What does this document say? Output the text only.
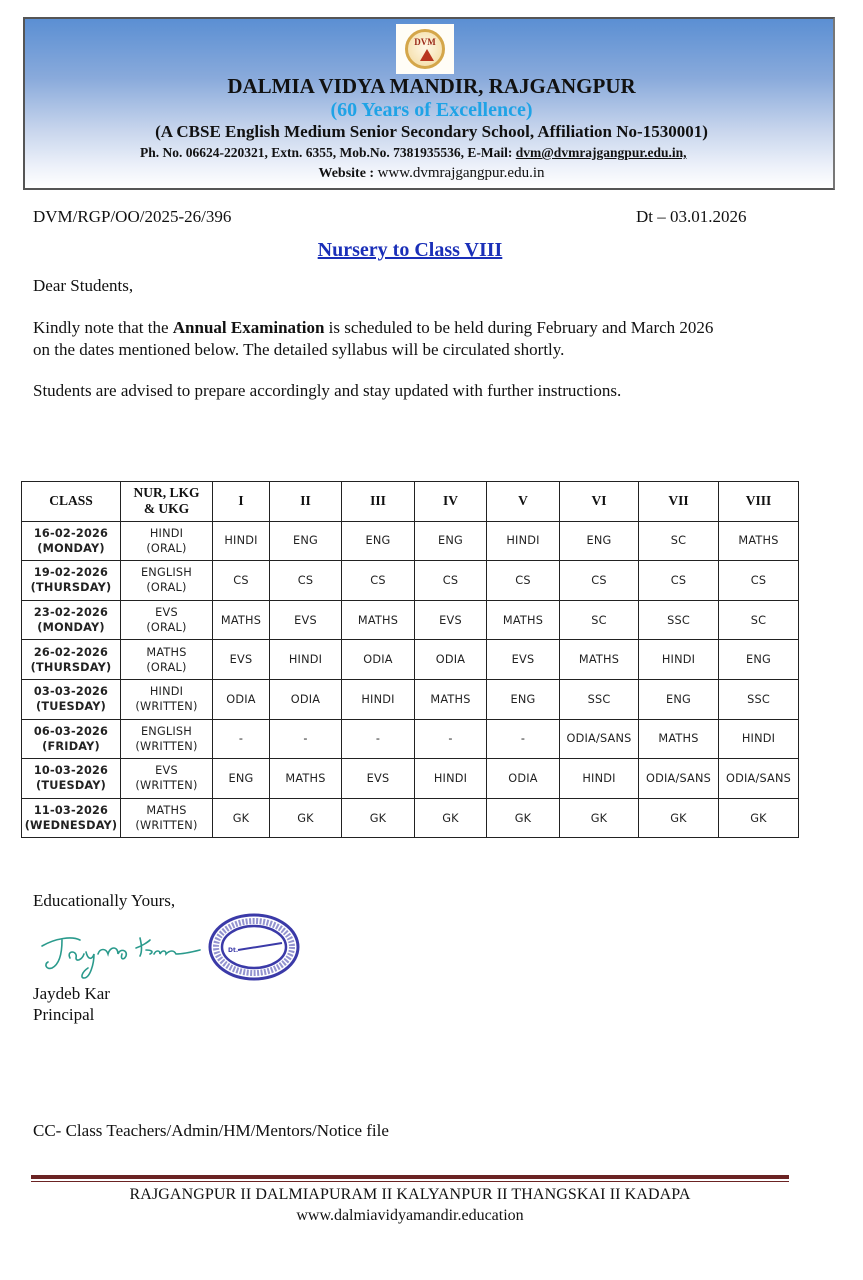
DVM
DALMIA VIDYA MANDIR, RAJGANGPUR
(60 Years of Excellence)
(A CBSE English Medium Senior Secondary School, Affiliation No-1530001)
Ph. No. 06624-220321, Extn. 6355, Mob.No. 7381935536, E-Mail: dvm@dvmrajgangpur.edu.in,
Website : www.dvmrajgangpur.edu.in
DVM/RGP/OO/2025-26/396	Dt – 03.01.2026
Nursery to Class VIII
Dear Students,
Kindly note that the Annual Examination is scheduled to be held during February and March 2026
on the dates mentioned below. The detailed syllabus will be circulated shortly.
Students are advised to prepare accordingly and stay updated with further instructions.
CLASS	NUR, LKG
& UKG	I	II	III	IV	V	VI	VII	VIII

16-02-2026
(MONDAY)	HINDI
(ORAL)	HINDI	ENG	ENG	ENG	HINDI	ENG	SC	MATHS

19-02-2026
(THURSDAY)	ENGLISH
(ORAL)	CS	CS	CS	CS	CS	CS	CS	CS

23-02-2026
(MONDAY)	EVS
(ORAL)	MATHS	EVS	MATHS	EVS	MATHS	SC	SSC	SC

26-02-2026
(THURSDAY)	MATHS
(ORAL)	EVS	HINDI	ODIA	ODIA	EVS	MATHS	HINDI	ENG

03-03-2026
(TUESDAY)	HINDI
(WRITTEN)	ODIA	ODIA	HINDI	MATHS	ENG	SSC	ENG	SSC

06-03-2026
(FRIDAY)	ENGLISH
(WRITTEN)	-	-	-	-	-	ODIA/SANS	MATHS	HINDI

10-03-2026
(TUESDAY)	EVS
(WRITTEN)	ENG	MATHS	EVS	HINDI	ODIA	HINDI	ODIA/SANS	ODIA/SANS

11-03-2026
(WEDNESDAY)	MATHS
(WRITTEN)	GK	GK	GK	GK	GK	GK	GK	GK
Educationally Yours,
Dt.
Jaydeb Kar
Principal
CC- Class Teachers/Admin/HM/Mentors/Notice file
RAJGANGPUR II DALMIAPURAM II KALYANPUR II THANGSKAI II KADAPA
www.dalmiavidyamandir.education
